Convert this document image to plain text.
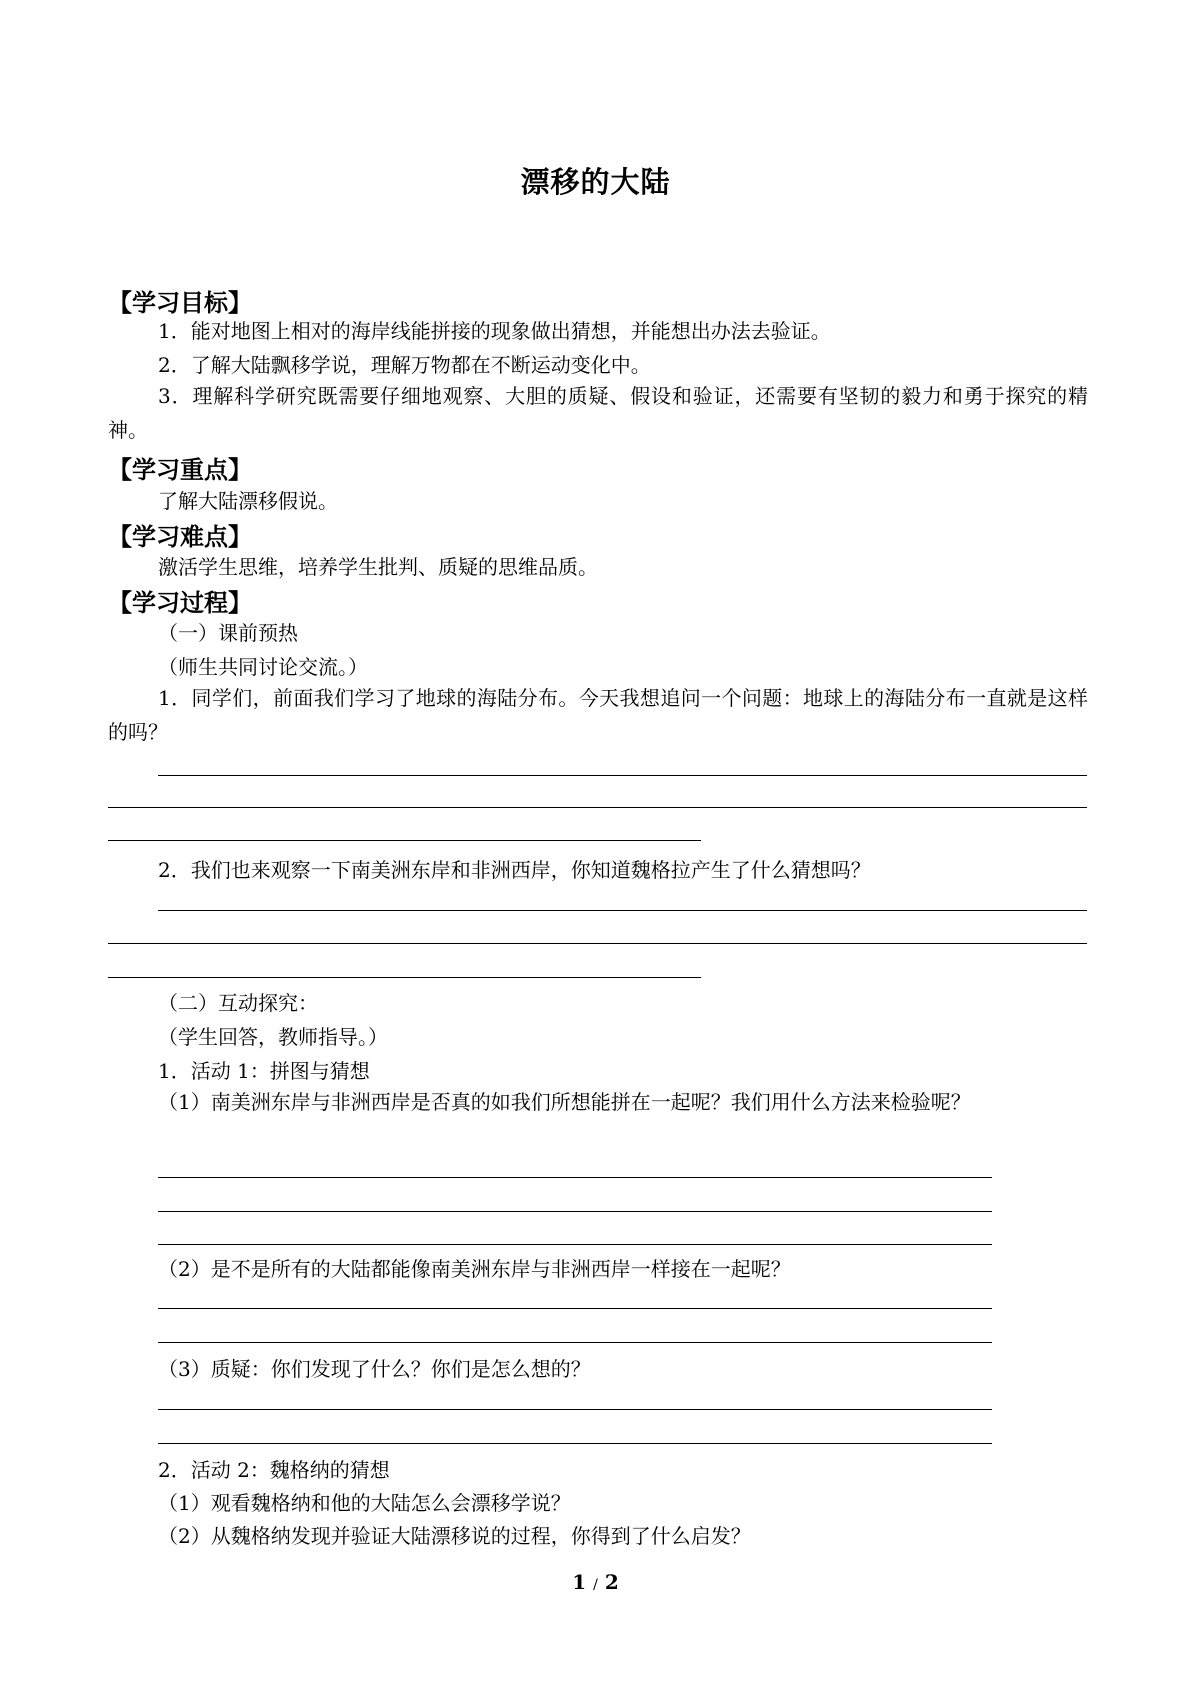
漂移的大陆
【学习目标】
1．能对地图上相对的海岸线能拼接的现象做出猜想，并能想出办法去验证。
2．了解大陆飘移学说，理解万物都在不断运动变化中。
3．理解科学研究既需要仔细地观察、大胆的质疑、假设和验证，还需要有坚韧的毅力和勇于探究的精神。
【学习重点】
了解大陆漂移假说。
【学习难点】
激活学生思维，培养学生批判、质疑的思维品质。
【学习过程】
（一）课前预热
（师生共同讨论交流。）
1．同学们，前面我们学习了地球的海陆分布。今天我想追问一个问题：地球上的海陆分布一直就是这样的吗？
2．我们也来观察一下南美洲东岸和非洲西岸，你知道魏格拉产生了什么猜想吗？
（二）互动探究：
（学生回答，教师指导。）
1．活动 1：拼图与猜想
（1）南美洲东岸与非洲西岸是否真的如我们所想能拼在一起呢？我们用什么方法来检验呢？
（2）是不是所有的大陆都能像南美洲东岸与非洲西岸一样接在一起呢？
（3）质疑：你们发现了什么？你们是怎么想的？
2．活动 2：魏格纳的猜想
（1）观看魏格纳和他的大陆怎么会漂移学说？
（2）从魏格纳发现并验证大陆漂移说的过程，你得到了什么启发？
1 / 2
